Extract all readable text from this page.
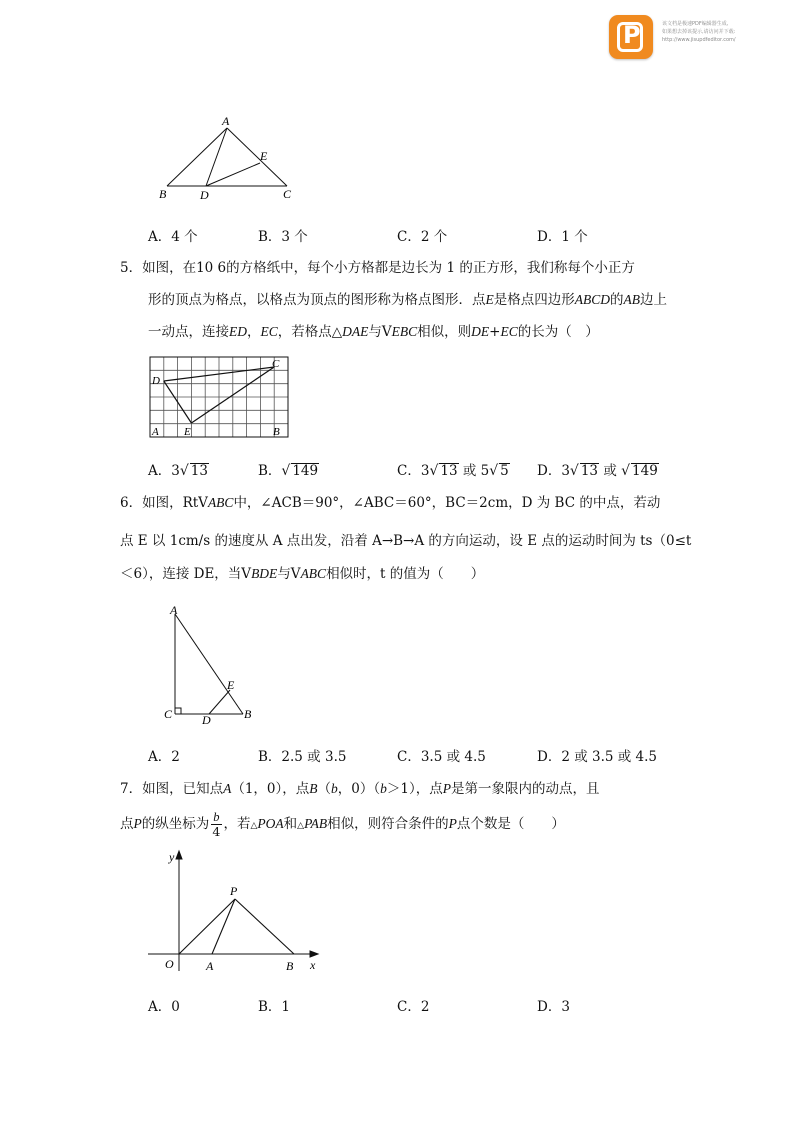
P	该文档是极速PDF编辑器生成,
如果想去掉该提示,请访问并下载:
http://www.jisupdfeditor.com/
A
B	C
D
E
A．4 个	B．3 个	C．2 个	D．1 个
5．如图，在10 6的方格纸中，每个小方格都是边长为 1 的正方形，我们称每个小正方
形的顶点为格点，以格点为顶点的图形称为格点图形．点E是格点四边形ABCD的AB边上
一动点，连接ED，EC，若格点△DAE与VEBC相似，则DE+EC的长为（　）
A	B
C
D
E
A．3√ 13	B．√ 149	C．3√ 13 或 5√ 5 D．3√ 13 或 √ 149
6．如图，RtVABC中，∠ACB＝90°，∠ABC＝60°，BC＝2cm，D 为 BC 的中点，若动
点 E 以 1cm/s 的速度从 A 点出发，沿着 A→B→A 的方向运动，设 E 点的运动时间为 ts（0≤t
＜6），连接 DE，当VBDE与VABC相似时，t 的值为（　　）
A
B
C D
E
A．2	B．2.5 或 3.5	C．3.5 或 4.5	D．2 或 3.5 或 4.5
7．如图，已知点A（1，0），点B（b，0）（b＞1），点P是第一象限内的动点，且
点P的纵坐标为 $\frac{b}{4}$ ，若△POA和△PAB相似，则符合条件的P点个数是（　　）
y
x
O	A	B
P
A．0	B．1	C．2	D．3
